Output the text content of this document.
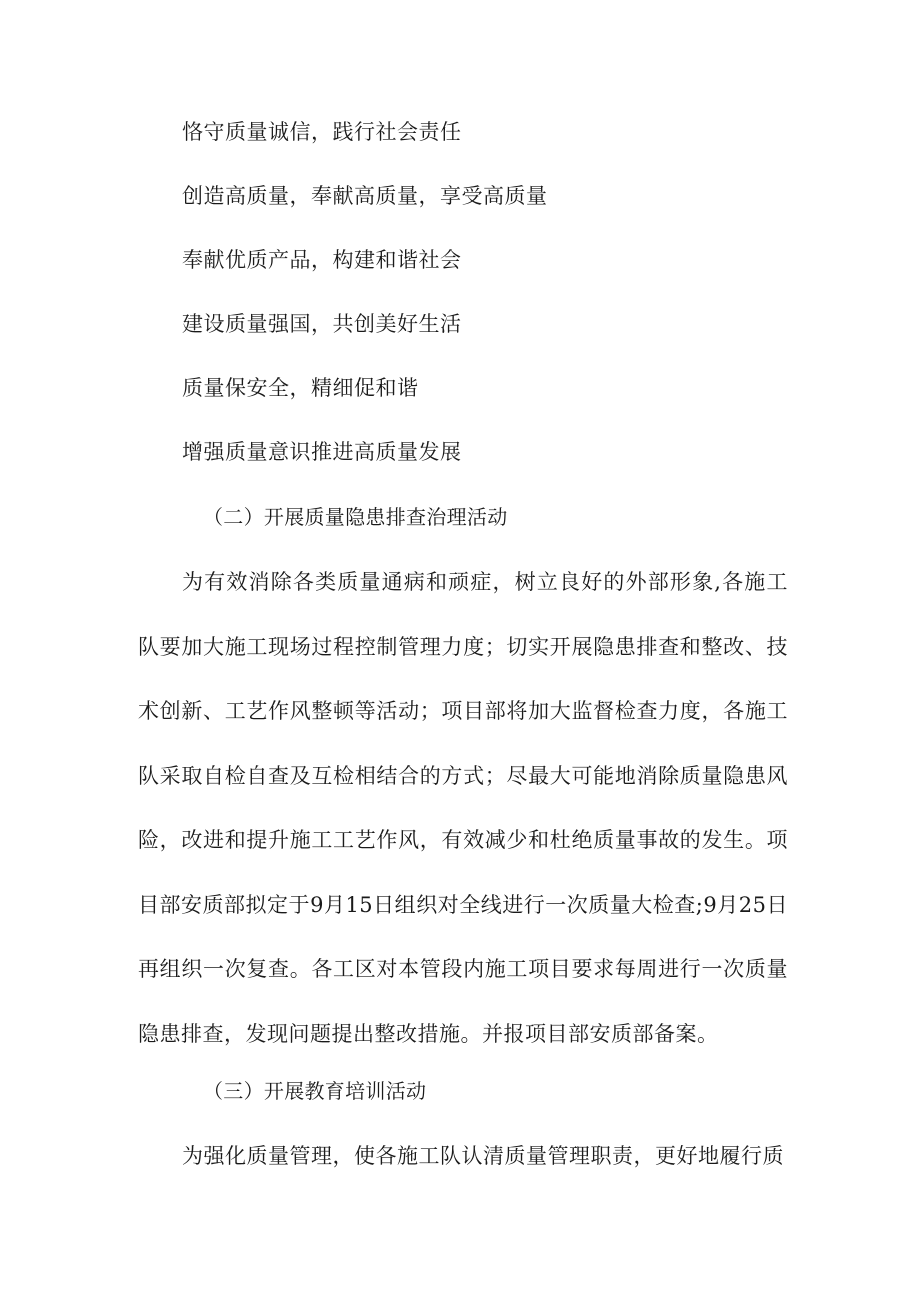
恪守质量诚信，践行社会责任
创造高质量，奉献高质量，享受高质量
奉献优质产品，构建和谐社会
建设质量强国，共创美好生活
质量保安全，精细促和谐
增强质量意识推进高质量发展
（二）开展质量隐患排查治理活动

为有效消除各类质量通病和顽症，树立良好的外部形象,各施工队要加大施工现场过程控制管理力度；切实开展隐患排查和整改、技术创新、工艺作风整顿等活动；项目部将加大监督检查力度，各施工队采取自检自查及互检相结合的方式；尽最大可能地消除质量隐患风险，改进和提升施工工艺作风，有效减少和杜绝质量事故的发生。项目部安质部拟定于9月15日组织对全线进行一次质量大检查;9月25日再组织一次复查。各工区对本管段内施工项目要求每周进行一次质量隐患排查，发现问题提出整改措施。并报项目部安质部备案。

（三）开展教育培训活动

为强化质量管理，使各施工队认清质量管理职责，更好地履行质
